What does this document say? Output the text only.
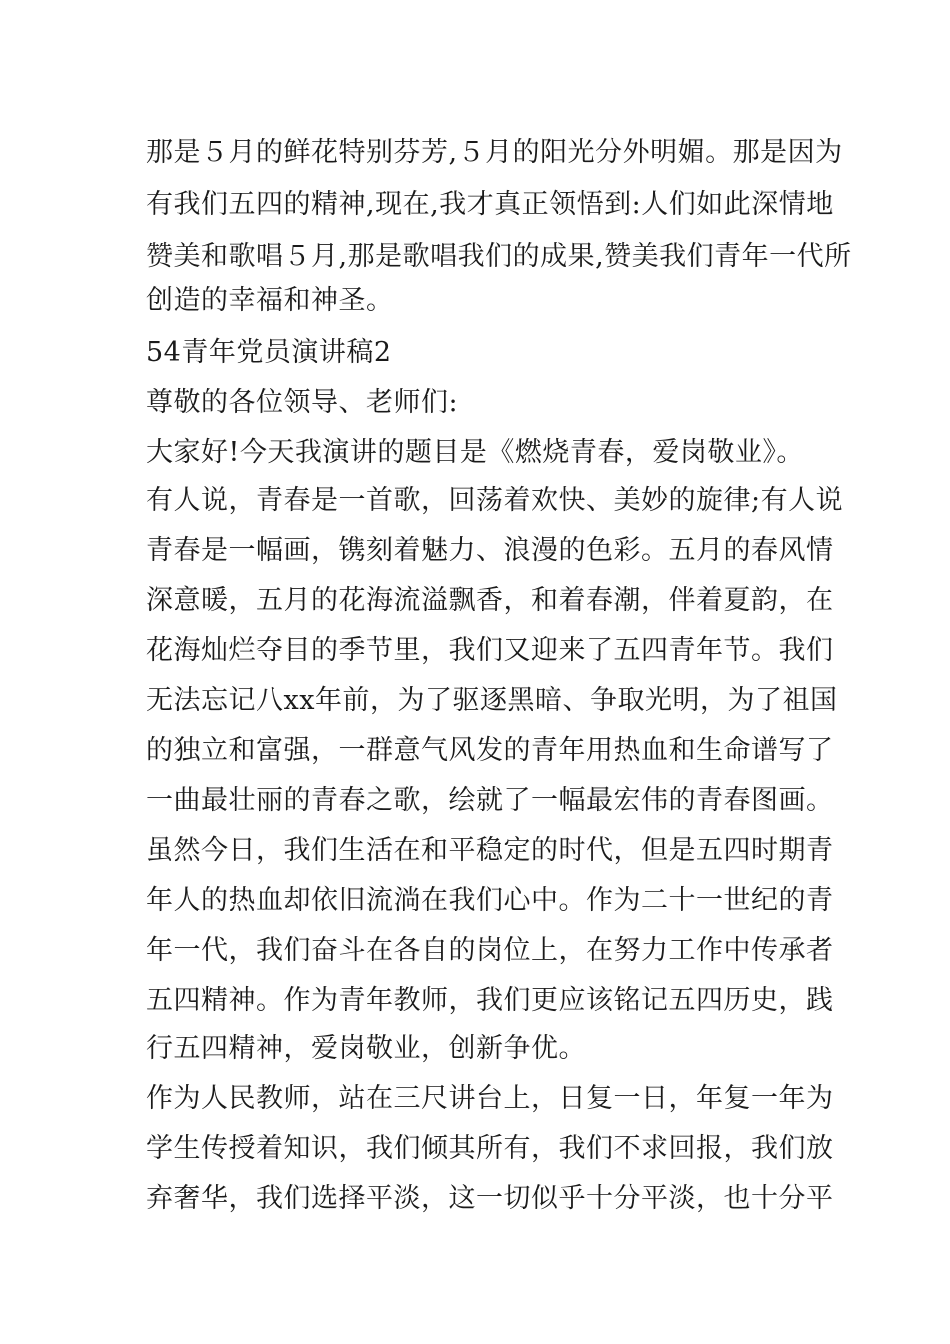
那是５月的鲜花特别芬芳,５月的阳光分外明媚。那是因为
有我们五四的精神,现在,我才真正领悟到:人们如此深情地
赞美和歌唱５月,那是歌唱我们的成果,赞美我们青年一代所
创造的幸福和神圣。
54青年党员演讲稿2
尊敬的各位领导、老师们:
大家好!今天我演讲的题目是《燃烧青春，爱岗敬业》。
有人说，青春是一首歌，回荡着欢快、美妙的旋律;有人说
青春是一幅画，镌刻着魅力、浪漫的色彩。五月的春风情
深意暖，五月的花海流溢飘香，和着春潮，伴着夏韵，在
花海灿烂夺目的季节里，我们又迎来了五四青年节。我们
无法忘记八xx年前，为了驱逐黑暗、争取光明，为了祖国
的独立和富强，一群意气风发的青年用热血和生命谱写了
一曲最壮丽的青春之歌，绘就了一幅最宏伟的青春图画。
虽然今日，我们生活在和平稳定的时代，但是五四时期青
年人的热血却依旧流淌在我们心中。作为二十一世纪的青
年一代，我们奋斗在各自的岗位上，在努力工作中传承者
五四精神。作为青年教师，我们更应该铭记五四历史，践
行五四精神，爱岗敬业，创新争优。
作为人民教师，站在三尺讲台上，日复一日，年复一年为
学生传授着知识，我们倾其所有，我们不求回报，我们放
弃奢华，我们选择平淡，这一切似乎十分平淡，也十分平
